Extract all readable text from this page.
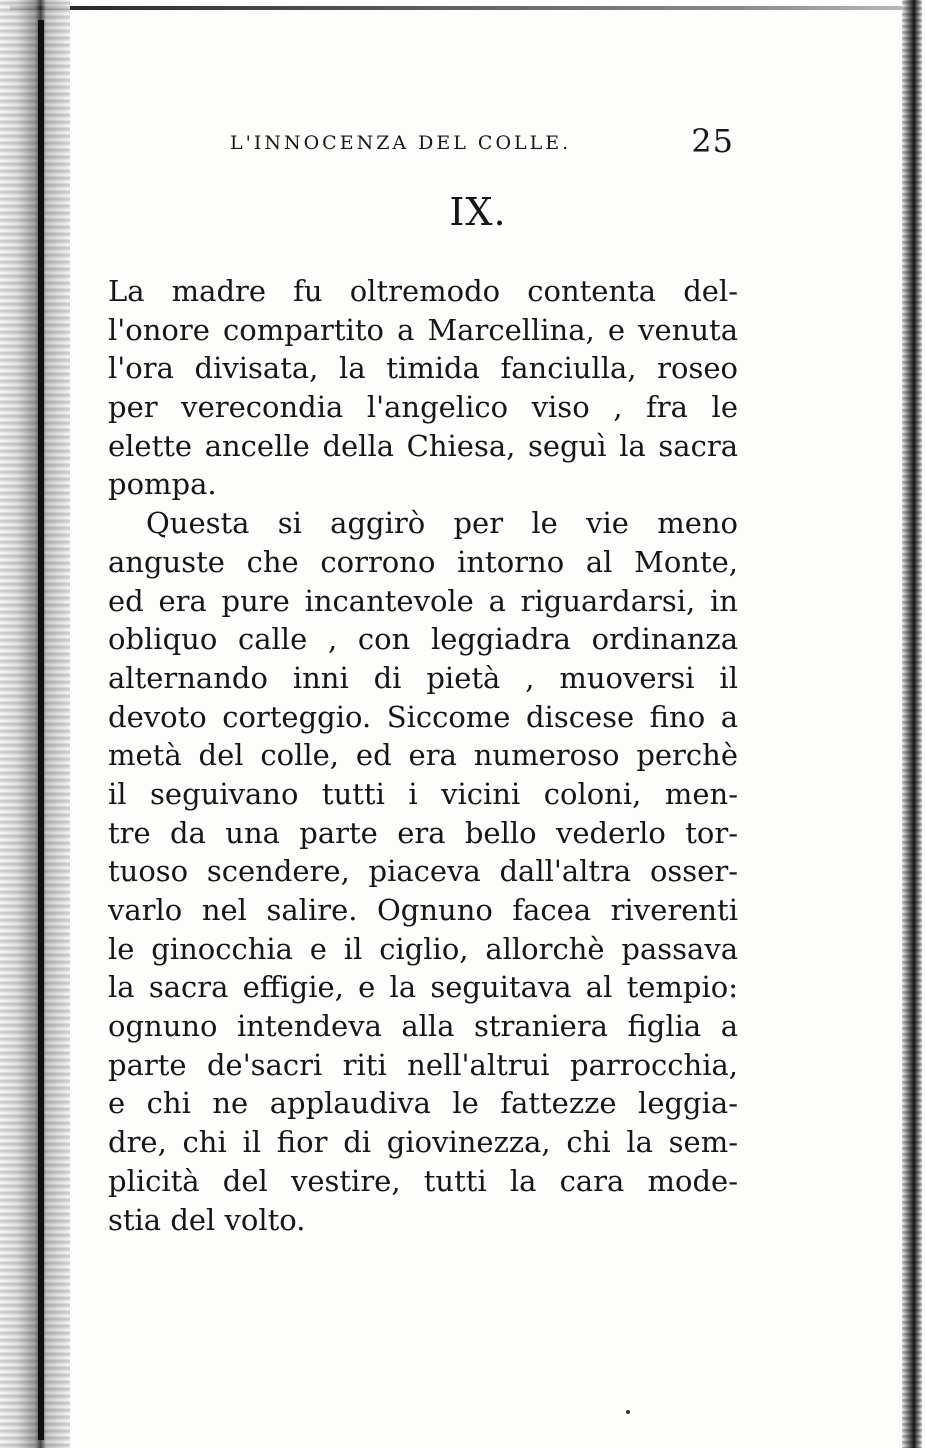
L'INNOCENZA DEL COLLE.	25
IX.
La madre fu oltremodo contenta del-
l'onore compartito a Marcellina, e venuta
l'ora divisata, la timida fanciulla, roseo
per verecondia l'angelico viso , fra le
elette ancelle della Chiesa, seguì la sacra
pompa.
Questa si aggirò per le vie meno
anguste che corrono intorno al Monte,
ed era pure incantevole a riguardarsi, in
obliquo calle , con leggiadra ordinanza
alternando inni di pietà , muoversi il
devoto corteggio. Siccome discese fino a
metà del colle, ed era numeroso perchè
il seguivano tutti i vicini coloni, men-
tre da una parte era bello vederlo tor-
tuoso scendere, piaceva dall'altra osser-
varlo nel salire. Ognuno facea riverenti
le ginocchia e il ciglio, allorchè passava
la sacra effigie, e la seguitava al tempio:
ognuno intendeva alla straniera figlia a
parte de'sacri riti nell'altrui parrocchia,
e chi ne applaudiva le fattezze leggia-
dre, chi il fior di giovinezza, chi la sem-
plicità del vestire, tutti la cara mode-
stia del volto.
